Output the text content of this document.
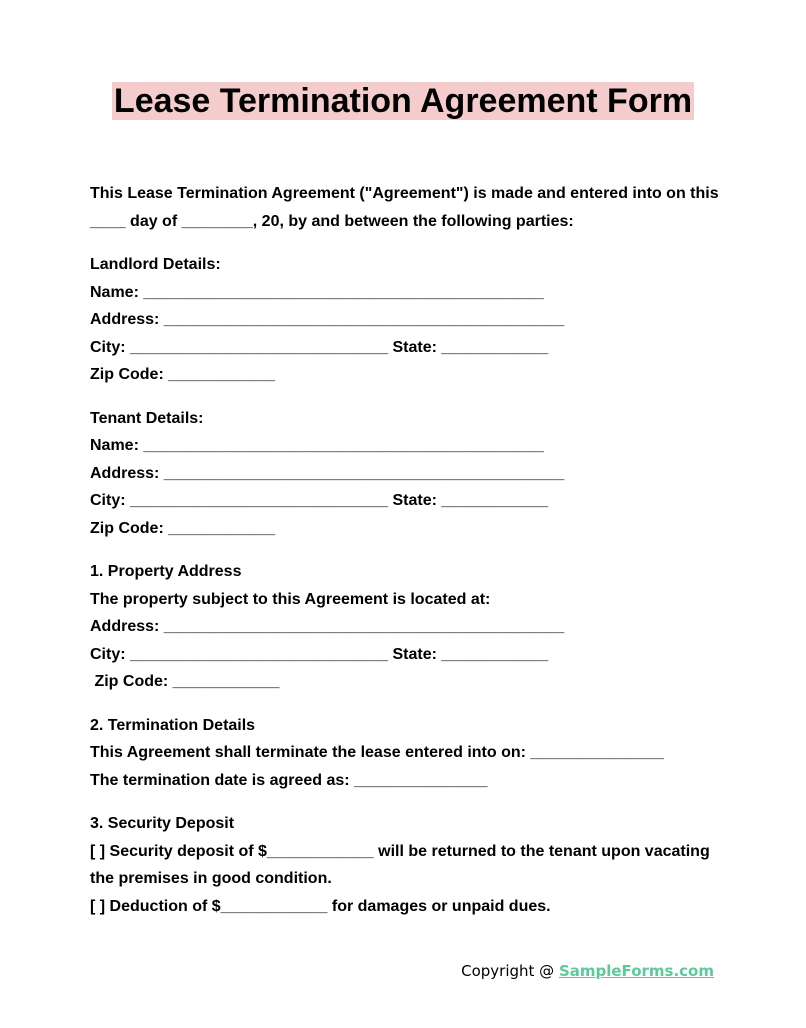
Lease Termination Agreement Form
This Lease Termination Agreement ("Agreement") is made and entered into on this ____ day of ________, 20, by and between the following parties:
Landlord Details:
Name: _____________________________________________
Address: _____________________________________________
City: _____________________________ State: ____________
Zip Code: ____________
Tenant Details:
Name: _____________________________________________
Address: _____________________________________________
City: _____________________________ State: ____________
Zip Code: ____________
1. Property Address
The property subject to this Agreement is located at:
Address: _____________________________________________
City: _____________________________ State: ____________
Zip Code: ____________
2. Termination Details
This Agreement shall terminate the lease entered into on: _______________
The termination date is agreed as: _______________
3. Security Deposit
[ ] Security deposit of $____________ will be returned to the tenant upon vacating the premises in good condition.
[ ] Deduction of $____________ for damages or unpaid dues.
Copyright @ SampleForms.com
